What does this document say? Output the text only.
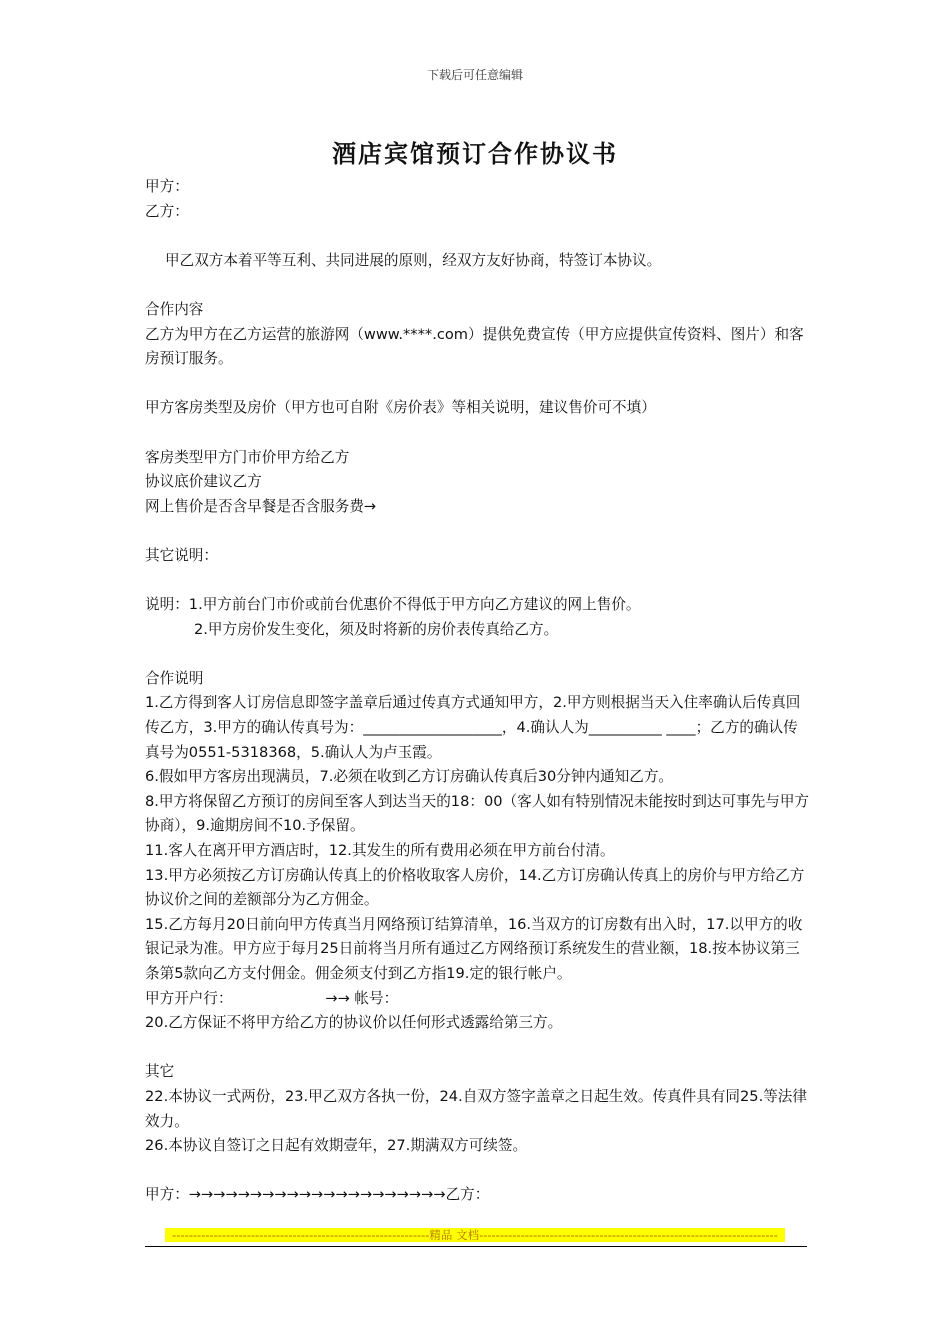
下载后可任意编辑
酒店宾馆预订合作协议书

甲方：

乙方：

甲乙双方本着平等互利、共同进展的原则，经双方友好协商，特签订本协议。

合作内容

乙方为甲方在乙方运营的旅游网（www.****.com）提供免费宣传（甲方应提供宣传资料、图片）和客房预订服务。

甲方客房类型及房价（甲方也可自附《房价表》等相关说明，建议售价可不填）

客房类型甲方门市价甲方给乙方

协议底价建议乙方

网上售价是否含早餐是否含服务费→

其它说明：

说明：1.甲方前台门市价或前台优惠价不得低于甲方向乙方建议的网上售价。

2.甲方房价发生变化，须及时将新的房价表传真给乙方。

合作说明

1.乙方得到客人订房信息即签字盖章后通过传真方式通知甲方，2.甲方则根据当天入住率确认后传真回传乙方，3.甲方的确认传真号为：___________________，4.确认人为__________ ____；乙方的确认传真号为0551-5318368，5.确认人为卢玉霞。

6.假如甲方客房出现满员，7.必须在收到乙方订房确认传真后30分钟内通知乙方。

8.甲方将保留乙方预订的房间至客人到达当天的18：00（客人如有特别情况未能按时到达可事先与甲方协商），9.逾期房间不10.予保留。

11.客人在离开甲方酒店时，12.其发生的所有费用必须在甲方前台付清。

13.甲方必须按乙方订房确认传真上的价格收取客人房价，14.乙方订房确认传真上的房价与甲方给乙方协议价之间的差额部分为乙方佣金。

15.乙方每月20日前向甲方传真当月网络预订结算清单，16.当双方的订房数有出入时，17.以甲方的收银记录为准。甲方应于每月25日前将当月所有通过乙方网络预订系统发生的营业额，18.按本协议第三条第5款向乙方支付佣金。佣金须支付到乙方指19.定的银行帐户。

甲方开户行：                    →→ 帐号：

20.乙方保证不将甲方给乙方的协议价以任何形式透露给第三方。

其它

22.本协议一式两份，23.甲乙双方各执一份，24.自双方签字盖章之日起生效。传真件具有同25.等法律效力。

26.本协议自签订之日起有效期壹年，27.期满双方可续签。

甲方：→→→→→→→→→→→→→→→→→→→→→乙方：

--------------------------------------------------------------精品 文档------------------------------------------------------------------------
